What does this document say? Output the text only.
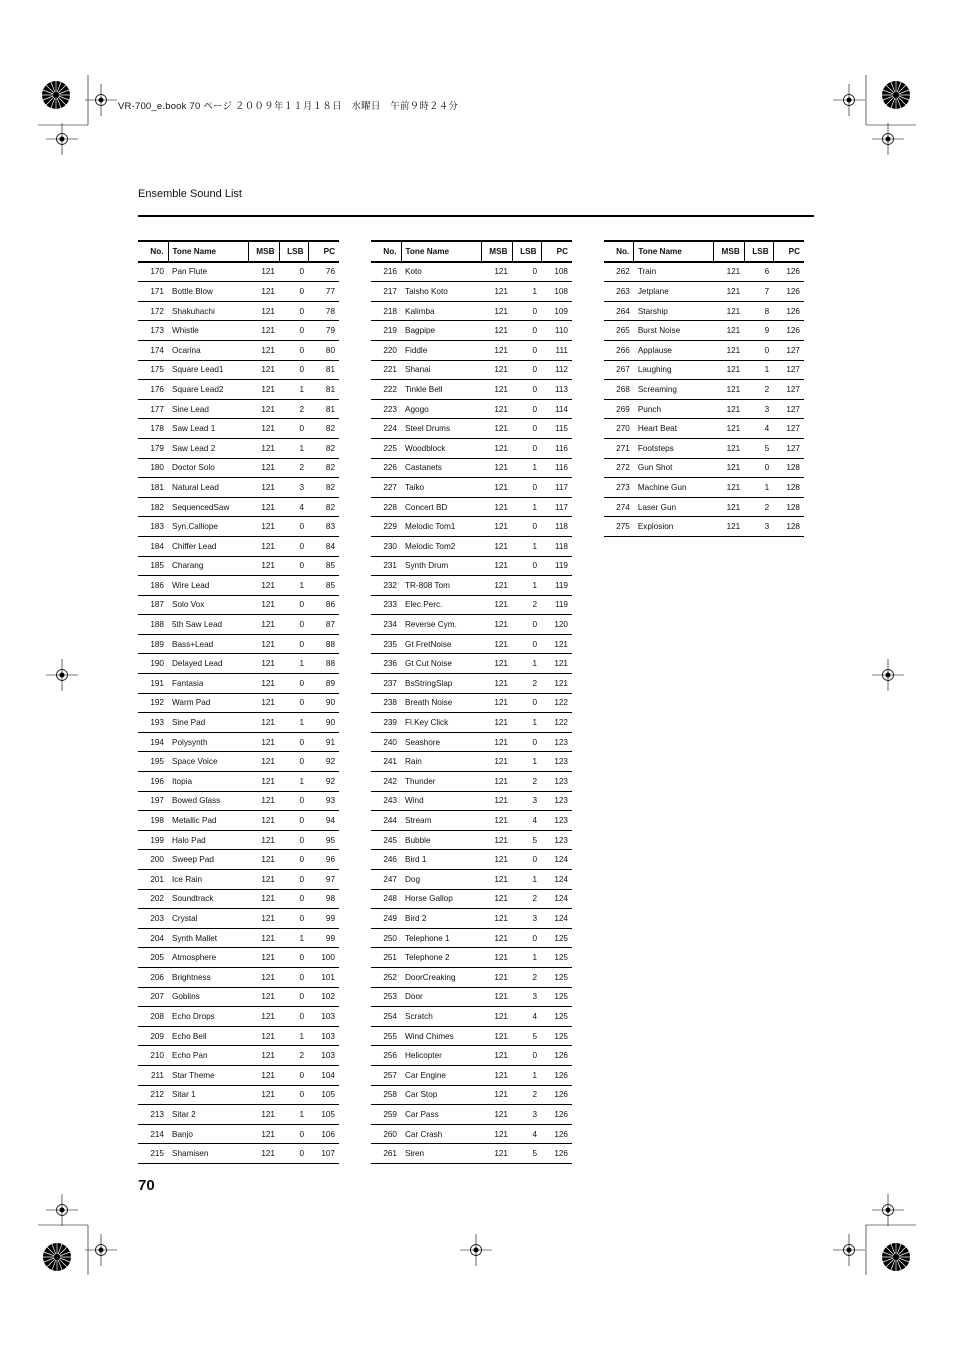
VR-700_e.book 70 ページ ２００９年１１月１８日　水曜日　午前９時２４分
Ensemble Sound List
No.	Tone Name	MSB	LSB	PC
170	Pan Flute	121	0	76
171	Bottle Blow	121	0	77
172	Shakuhachi	121	0	78
173	Whistle	121	0	79
174	Ocarina	121	0	80
175	Square Lead1	121	0	81
176	Square Lead2	121	1	81
177	Sine Lead	121	2	81
178	Saw Lead 1	121	0	82
179	Saw Lead 2	121	1	82
180	Doctor Solo	121	2	82
181	Natural Lead	121	3	82
182	SequencedSaw	121	4	82
183	Syn.Calliope	121	0	83
184	Chiffer Lead	121	0	84
185	Charang	121	0	85
186	Wire Lead	121	1	85
187	Solo Vox	121	0	86
188	5th Saw Lead	121	0	87
189	Bass+Lead	121	0	88
190	Delayed Lead	121	1	88
191	Fantasia	121	0	89
192	Warm Pad	121	0	90
193	Sine Pad	121	1	90
194	Polysynth	121	0	91
195	Space Voice	121	0	92
196	Itopia	121	1	92
197	Bowed Glass	121	0	93
198	Metallic Pad	121	0	94
199	Halo Pad	121	0	95
200	Sweep Pad	121	0	96
201	Ice Rain	121	0	97
202	Soundtrack	121	0	98
203	Crystal	121	0	99
204	Synth Mallet	121	1	99
205	Atmosphere	121	0	100
206	Brightness	121	0	101
207	Goblins	121	0	102
208	Echo Drops	121	0	103
209	Echo Bell	121	1	103
210	Echo Pan	121	2	103
211	Star Theme	121	0	104
212	Sitar 1	121	0	105
213	Sitar 2	121	1	105
214	Banjo	121	0	106
215	Shamisen	121	0	107
No.	Tone Name	MSB	LSB	PC
216	Koto	121	0	108
217	Taisho Koto	121	1	108
218	Kalimba	121	0	109
219	Bagpipe	121	0	110
220	Fiddle	121	0	111
221	Shanai	121	0	112
222	Tinkle Bell	121	0	113
223	Agogo	121	0	114
224	Steel Drums	121	0	115
225	Woodblock	121	0	116
226	Castanets	121	1	116
227	Taiko	121	0	117
228	Concert BD	121	1	117
229	Melodic Tom1	121	0	118
230	Melodic Tom2	121	1	118
231	Synth Drum	121	0	119
232	TR-808 Tom	121	1	119
233	Elec.Perc.	121	2	119
234	Reverse Cym.	121	0	120
235	Gt FretNoise	121	0	121
236	Gt Cut Noise	121	1	121
237	BsStringSlap	121	2	121
238	Breath Noise	121	0	122
239	Fl.Key Click	121	1	122
240	Seashore	121	0	123
241	Rain	121	1	123
242	Thunder	121	2	123
243	Wind	121	3	123
244	Stream	121	4	123
245	Bubble	121	5	123
246	Bird 1	121	0	124
247	Dog	121	1	124
248	Horse Gallop	121	2	124
249	Bird 2	121	3	124
250	Telephone 1	121	0	125
251	Telephone 2	121	1	125
252	DoorCreaking	121	2	125
253	Door	121	3	125
254	Scratch	121	4	125
255	Wind Chimes	121	5	125
256	Helicopter	121	0	126
257	Car Engine	121	1	126
258	Car Stop	121	2	126
259	Car Pass	121	3	126
260	Car Crash	121	4	126
261	Siren	121	5	126
No.	Tone Name	MSB	LSB	PC
262	Train	121	6	126
263	Jetplane	121	7	126
264	Starship	121	8	126
265	Burst Noise	121	9	126
266	Applause	121	0	127
267	Laughing	121	1	127
268	Screaming	121	2	127
269	Punch	121	3	127
270	Heart Beat	121	4	127
271	Footsteps	121	5	127
272	Gun Shot	121	0	128
273	Machine Gun	121	1	128
274	Laser Gun	121	2	128
275	Explosion	121	3	128
70
